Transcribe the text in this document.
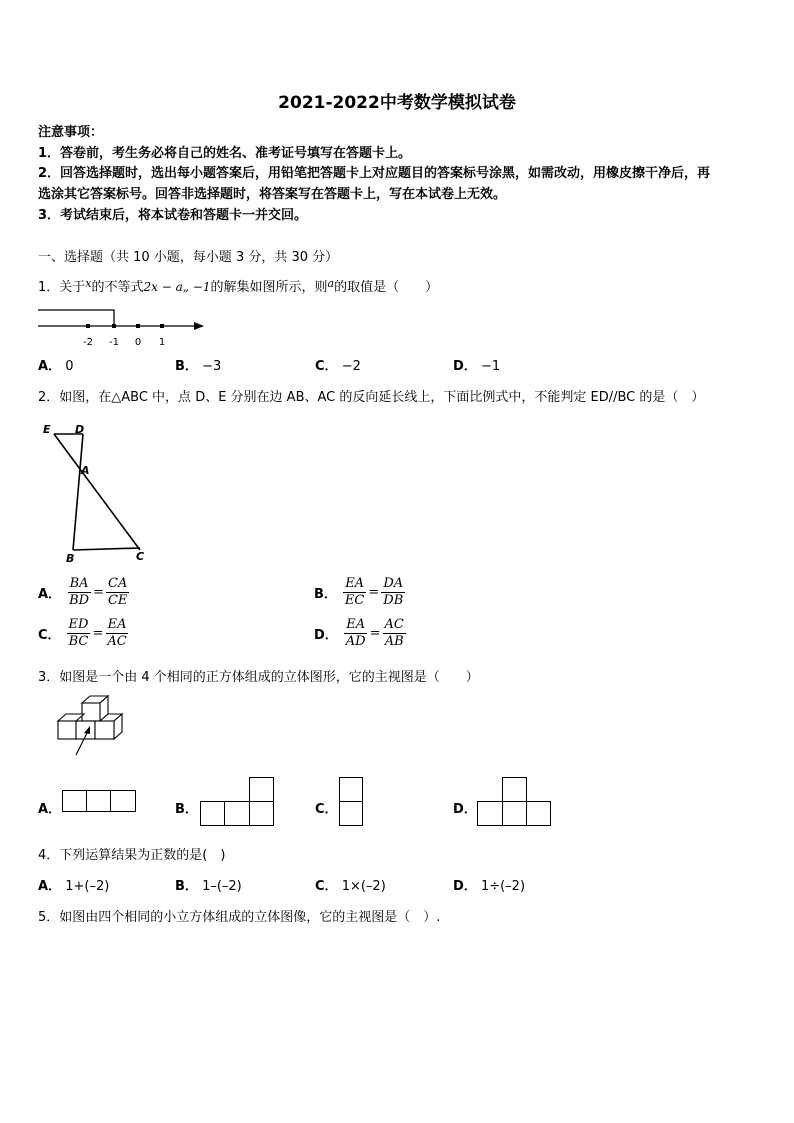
2021-2022中考数学模拟试卷
注意事项：
1．答卷前，考生务必将自己的姓名、准考证号填写在答题卡上。
2．回答选择题时，选出每小题答案后，用铅笔把答题卡上对应题目的答案标号涂黑，如需改动，用橡皮擦干净后，再
选涂其它答案标号。回答非选择题时，将答案写在答题卡上，写在本试卷上无效。
3．考试结束后，将本试卷和答题卡一并交回。
一、选择题（共 10 小题，每小题 3 分，共 30 分）
1．关于$^x$的不等式2x − a„ −1的解集如图所示，则$^a$的取值是（　　）
-2 -1 0 1
A． 0	B． −3	C． −2	D． −1
2．如图，在△ABC 中，点 D、E 分别在边 AB、AC 的反向延长线上，下面比例式中，不能判定 ED//BC 的是（　）
E D
A
B	C
A． $\frac{BA}{BD} = \frac{CA}{CE}$	B． $\frac{EA}{EC} = \frac{DA}{DB}$
C． $\frac{ED}{BC} = \frac{EA}{AC}$	D． $\frac{EA}{AD} = \frac{AC}{AB}$
3．如图是一个由 4 个相同的正方体组成的立体图形，它的主视图是（　　）
A．	B．	C．	D．
4．下列运算结果为正数的是(　)
A． 1+(–2)	B． 1–(–2)	C． 1×(–2)	D． 1÷(–2)
5．如图由四个相同的小立方体组成的立体图像，它的主视图是（　）.
